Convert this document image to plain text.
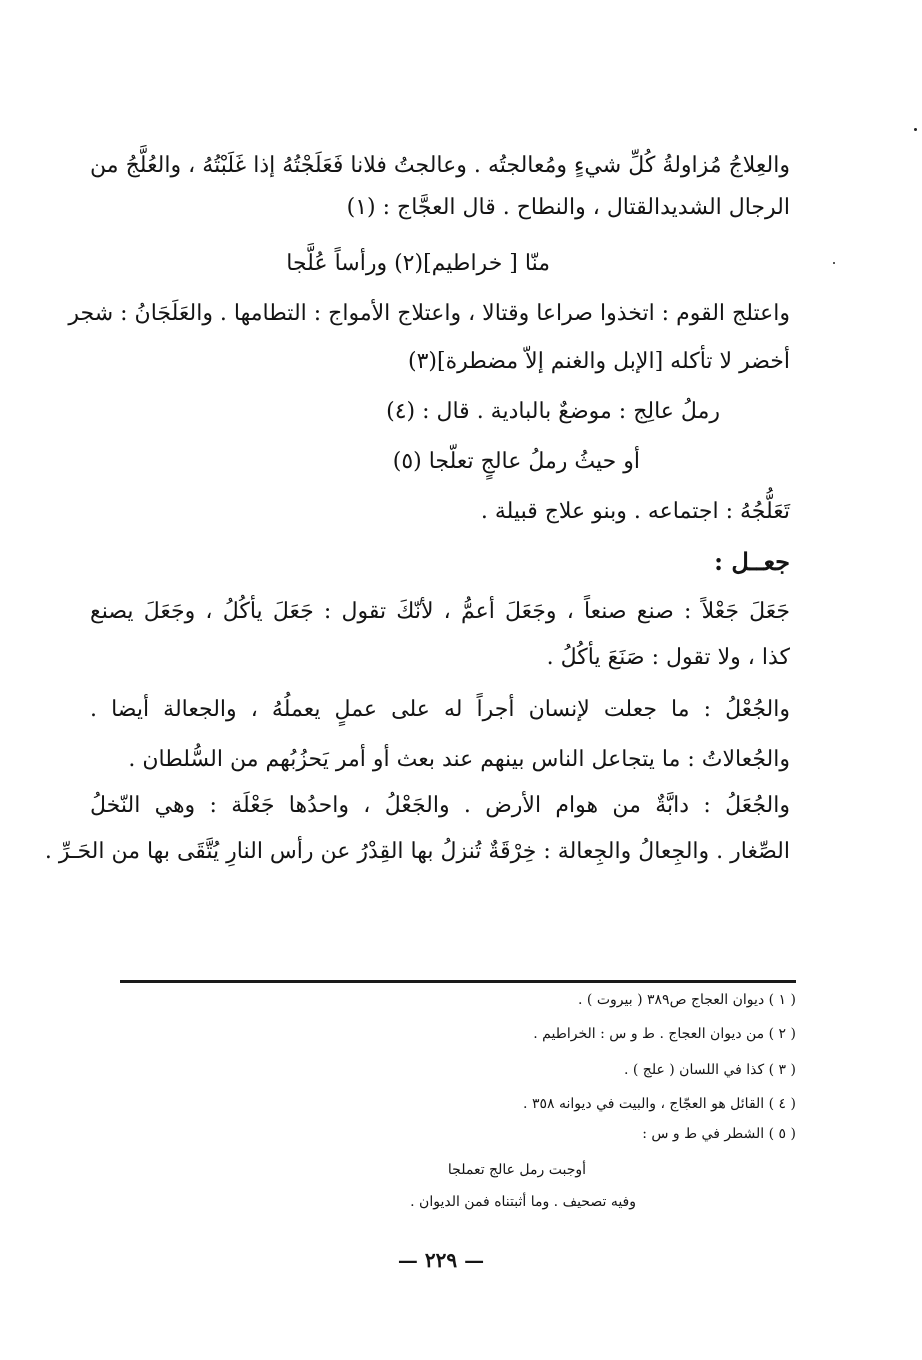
والعِلاجُ مُزاولةُ كُلِّ شيءٍ ومُعالجتُه . وعالجتُ فلانا فَعَلَجْتُهُ إذا غَلَبْتُهُ ، والعُلَّجُ من
الرجال الشديدالقتال ، والنطاح . قال العجَّاج : (١)
منّا [ خراطيم](٢) ورأساً عُلَّجا
واعتلج القوم : اتخذوا صراعا وقتالا ، واعتلاج الأمواج : التطامها . والعَلَجَانُ : شجر
أخضر لا تأكله [الإبل والغنم إلاّ مضطرة](٣)
رملُ عالِج : موضعٌ بالبادية . قال : (٤)
أو حيثُ رملُ عالجٍ تعلّجا (٥)
تَعَلُّجُهُ : اجتماعه . وبنو علاج قبيلة .
جعــل :
جَعَلَ جَعْلاً : صنع صنعاً ، وجَعَلَ أعمُّ ، لأنّكَ تقول : جَعَلَ يأكُلُ ، وجَعَلَ يصنع
كذا ، ولا تقول : صَنَعَ يأكُلُ .
والجُعْلُ : ما جعلت لإنسان أجراً له على عملٍ يعملُهُ ، والجعالة أيضا .
والجُعالاتُ : ما يتجاعل الناس بينهم عند بعث أو أمر يَحزُبُهم من السُّلطان .
والجُعَلُ : دابَّةٌ من هوام الأرض . والجَعْلُ ، واحدُها جَعْلَة : وهي النّخلُ
الصِّغار . والجِعالُ والجِعالة : خِرْقَةٌ تُنزلُ بها القِدْرُ عن رأس النارِ يُتَّقَى بها من الحَـرِّ .
( ١ ) ديوان العجاج ص٣٨٩ ( بيروت ) .
( ٢ ) من ديوان العجاج . ط و س : الخراطيم .
( ٣ ) كذا في اللسان ( علج ) .
( ٤ ) القائل هو العجّاج ، والبيت في ديوانه ٣٥٨ .
( ٥ ) الشطر في ط و س :
أوجبت رمل عالج تعملجا
وفيه تصحيف . وما أثبتناه فمن الديوان .
— ٢٢٩ —
